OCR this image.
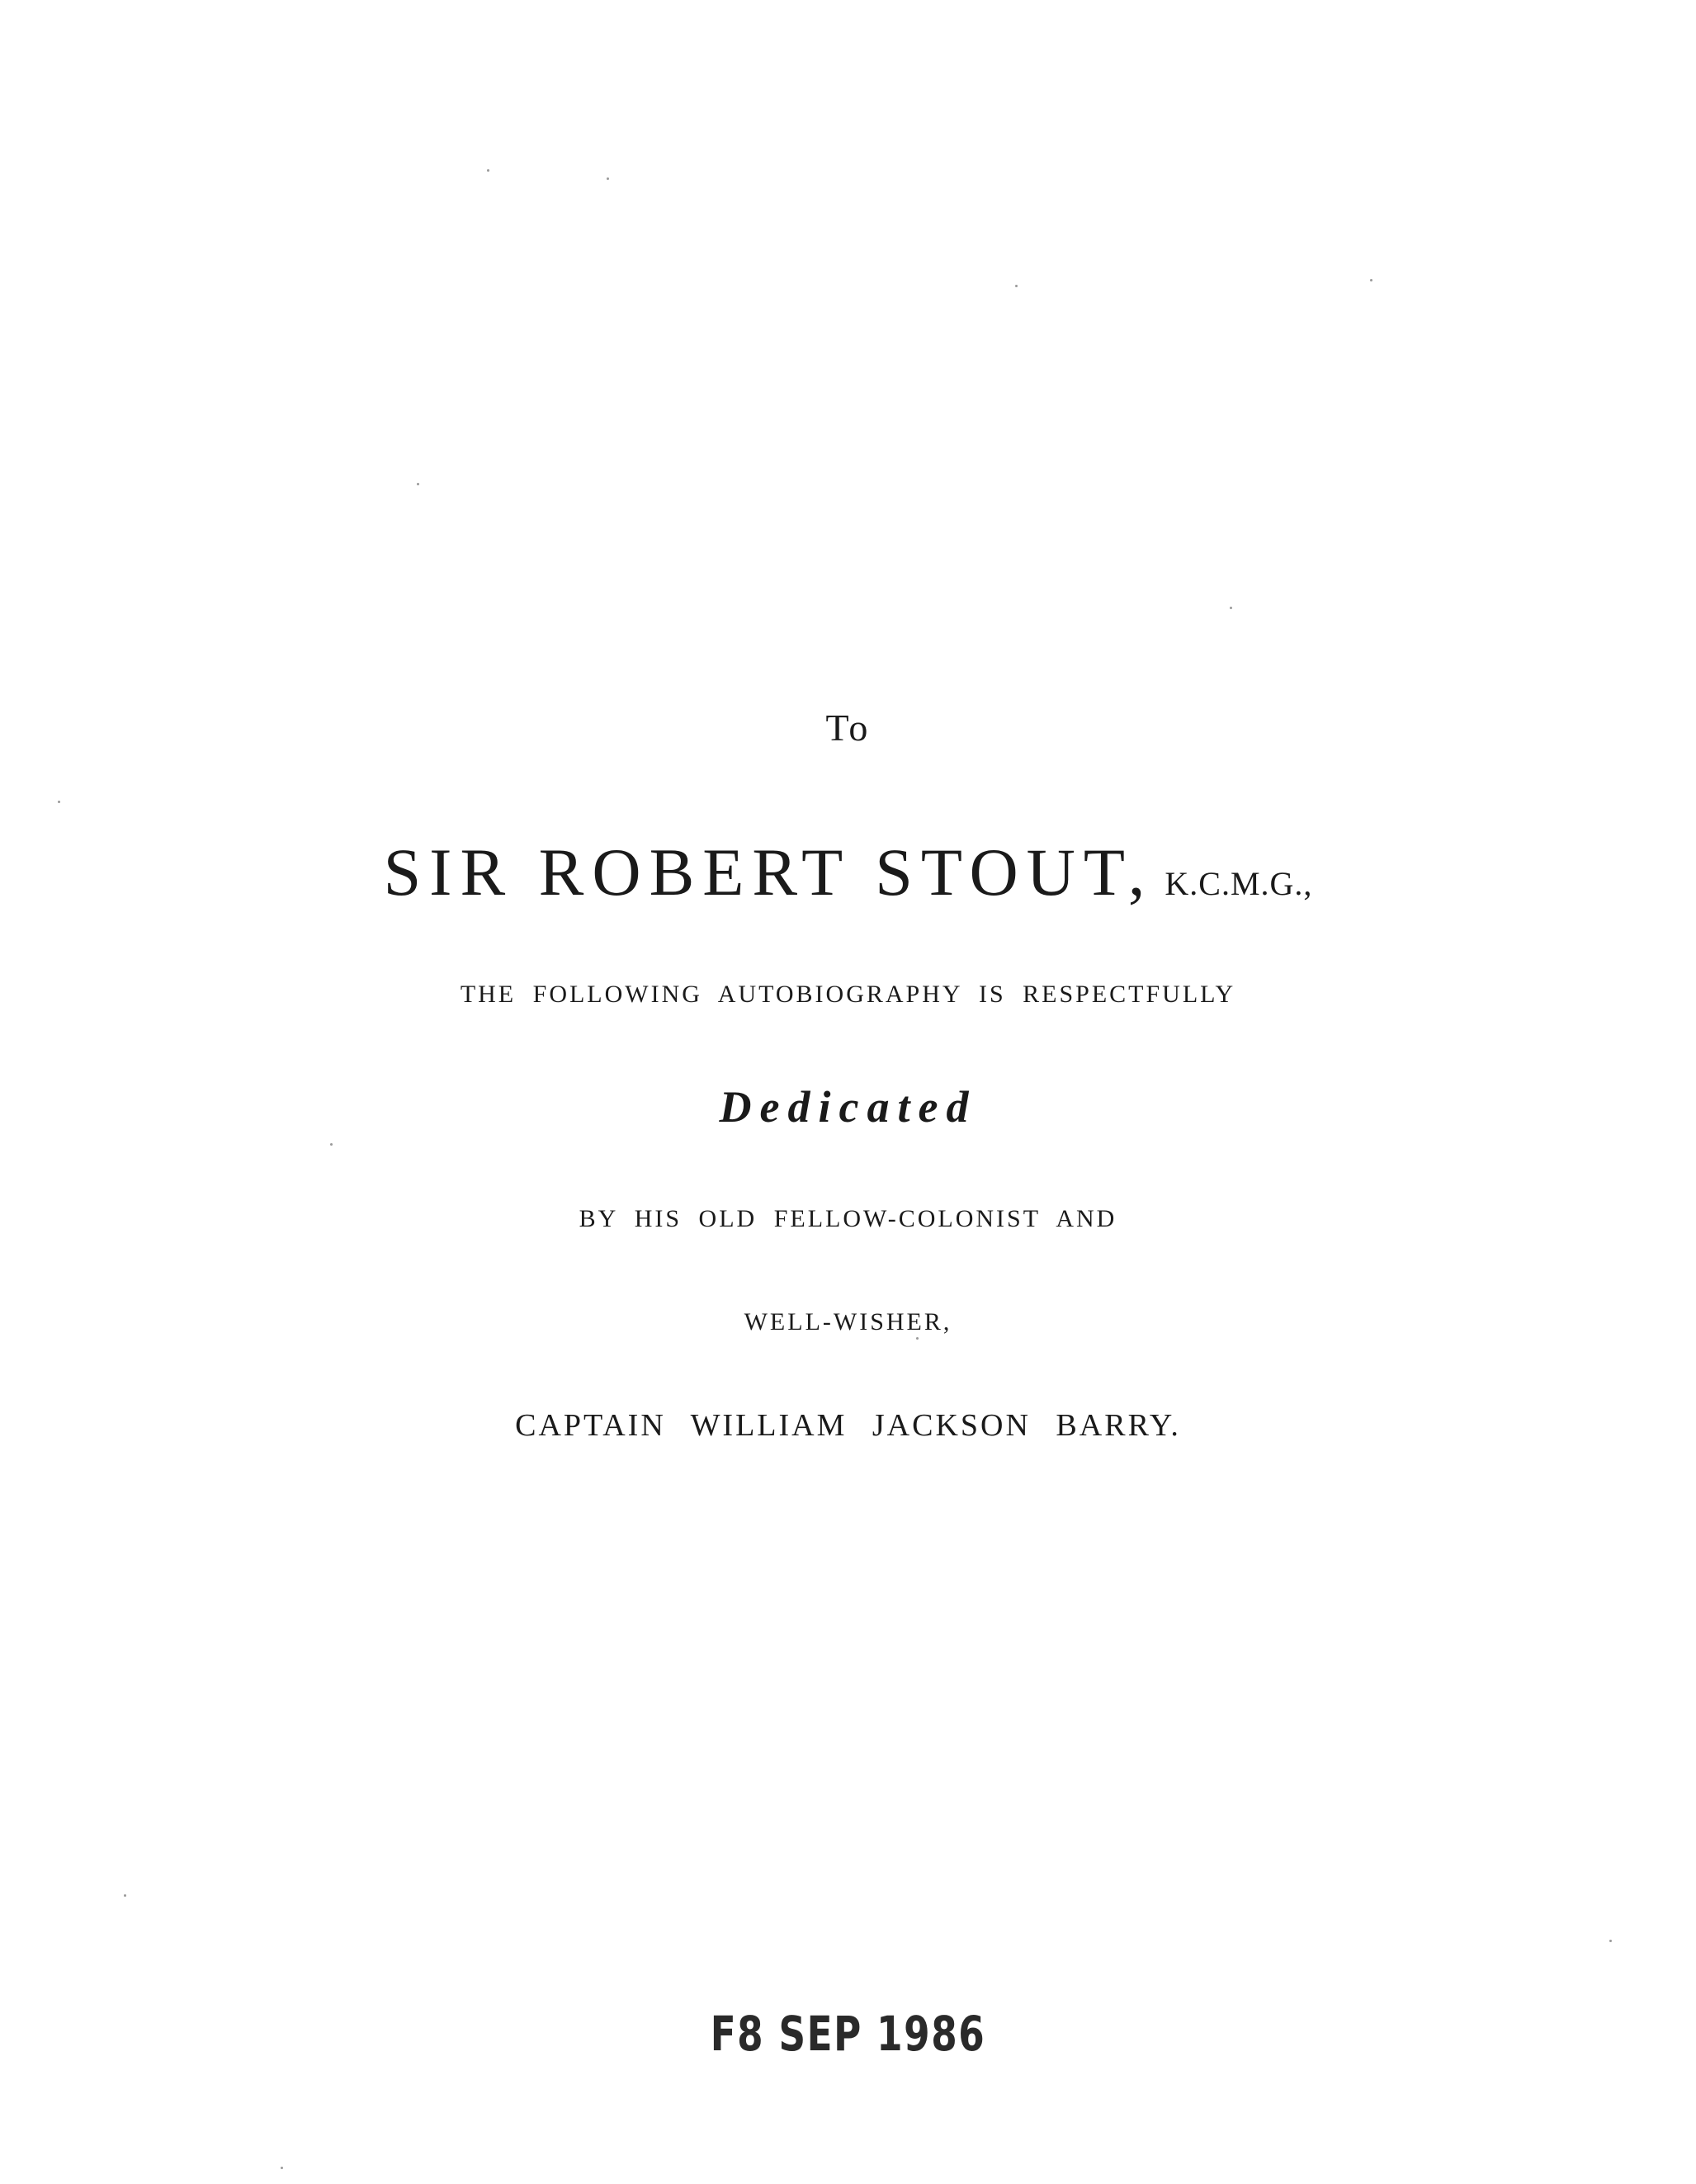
To
SIR ROBERT STOUT, K.C.M.G.,
THE FOLLOWING AUTOBIOGRAPHY IS RESPECTFULLY
Dedicated
BY HIS OLD FELLOW-COLONIST AND
WELL-WISHER,
CAPTAIN WILLIAM JACKSON BARRY.
F8 SEP 1986
